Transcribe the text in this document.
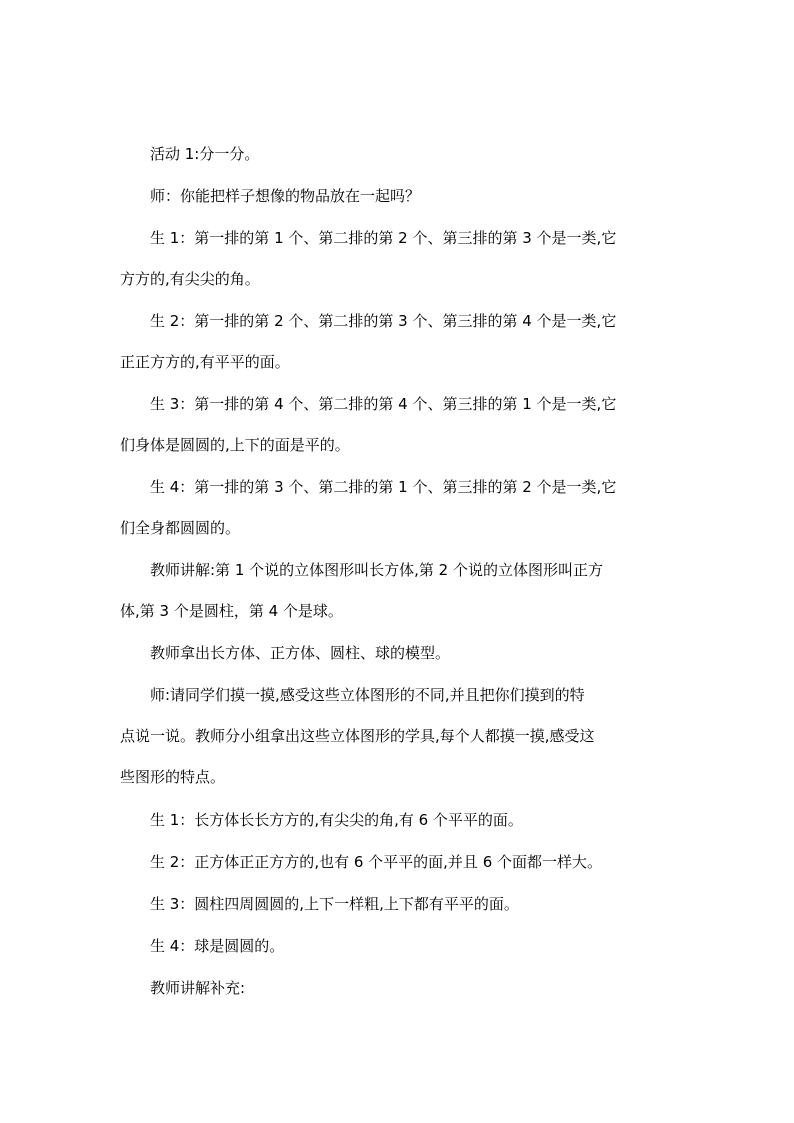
活动 1:分一分。

师：你能把样子想像的物品放在一起吗？

生 1：第一排的第 1 个、第二排的第 2 个、第三排的第 3 个是一类,它
方方的,有尖尖的角。

生 2：第一排的第 2 个、第二排的第 3 个、第三排的第 4 个是一类,它
正正方方的,有平平的面。

生 3：第一排的第 4 个、第二排的第 4 个、第三排的第 1 个是一类,它
们身体是圆圆的,上下的面是平的。

生 4：第一排的第 3 个、第二排的第 1 个、第三排的第 2 个是一类,它
们全身都圆圆的。

教师讲解:第 1 个说的立体图形叫长方体,第 2 个说的立体图形叫正方
体,第 3 个是圆柱，第 4 个是球。

教师拿出长方体、正方体、圆柱、球的模型。

师:请同学们摸一摸,感受这些立体图形的不同,并且把你们摸到的特
点说一说。教师分小组拿出这些立体图形的学具,每个人都摸一摸,感受这
些图形的特点。

生 1：长方体长长方方的,有尖尖的角,有 6 个平平的面。

生 2：正方体正正方方的,也有 6 个平平的面,并且 6 个面都一样大。

生 3：圆柱四周圆圆的,上下一样粗,上下都有平平的面。

生 4：球是圆圆的。

教师讲解补充:
